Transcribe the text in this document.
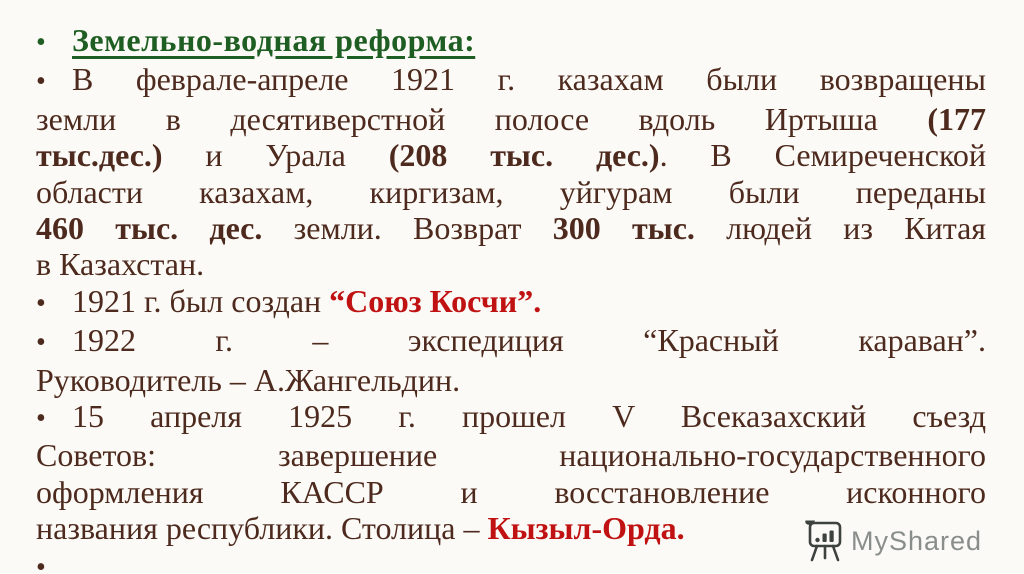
• Земельно-водная реформа:
• В феврале-апреле 1921 г. казахам были возвращены
земли в десятиверстной полосе вдоль Иртыша (177
тыс.дес.) и Урала (208 тыс. дес.). В Семиреченской
области казахам, киргизам, уйгурам были переданы
460 тыс. дес. земли. Возврат 300 тыс. людей из Китая
в Казахстан.
• 1921 г. был создан “Союз Косчи”.
• 1922 г. – экспедиция “Красный караван”.
Руководитель – А.Жангельдин.
• 15 апреля 1925 г. прошел V Всеказахский съезд
Советов: завершение национально-государственного
оформления КАССР и восстановление исконного
названия республики. Столица – Кызыл-Орда.
•
MyShared
